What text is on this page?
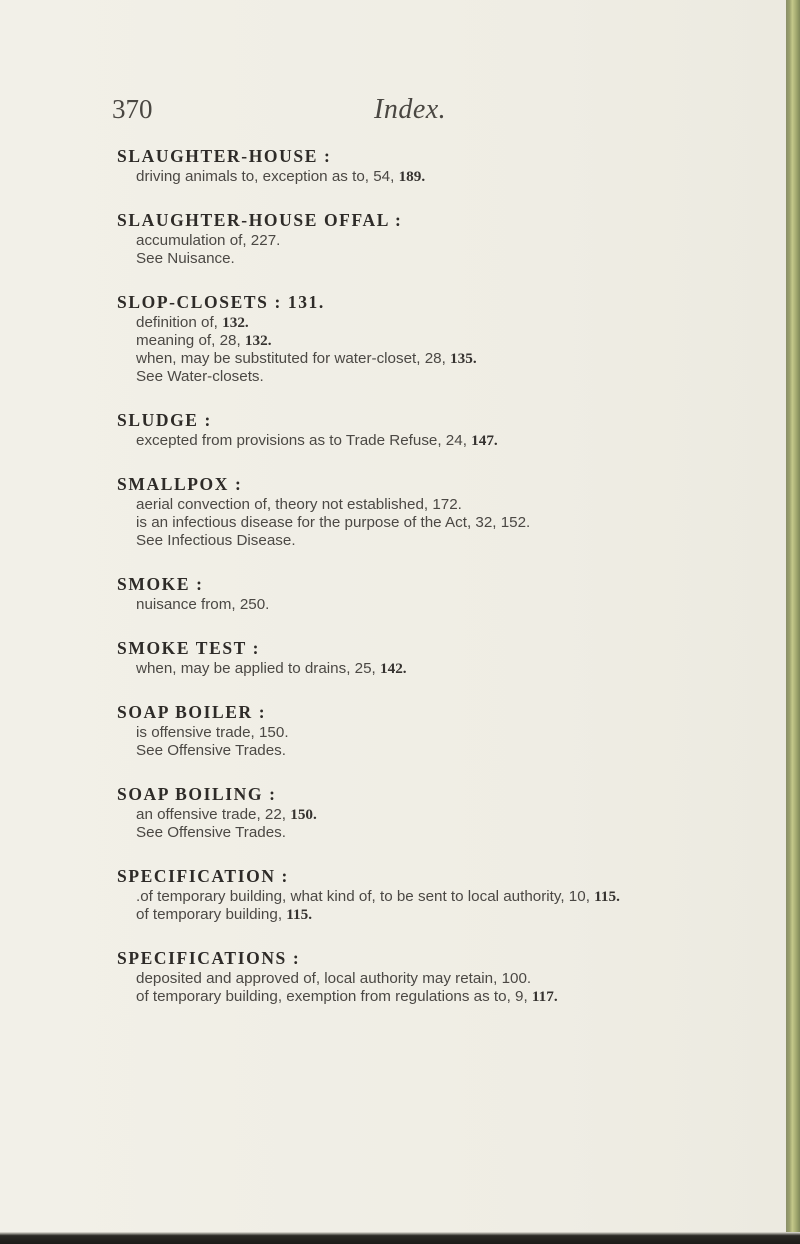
370	Index.
SLAUGHTER-HOUSE :
driving animals to, exception as to, 54, 189.
SLAUGHTER-HOUSE OFFAL :
accumulation of, 227.
See Nuisance.
SLOP-CLOSETS : 131.
definition of, 132.
meaning of, 28, 132.
when, may be substituted for water-closet, 28, 135.
See Water-closets.
SLUDGE :
excepted from provisions as to Trade Refuse, 24, 147.
SMALLPOX :
aerial convection of, theory not established, 172.
is an infectious disease for the purpose of the Act, 32, 152.
See Infectious Disease.
SMOKE :
nuisance from, 250.
SMOKE TEST :
when, may be applied to drains, 25, 142.
SOAP BOILER :
is offensive trade, 150.
See Offensive Trades.
SOAP BOILING :
an offensive trade, 22, 150.
See Offensive Trades.
SPECIFICATION :
.of temporary building, what kind of, to be sent to local authority, 10, 115.
of temporary building, 115.
SPECIFICATIONS :
deposited and approved of, local authority may retain, 100.
of temporary building, exemption from regulations as to, 9, 117.
